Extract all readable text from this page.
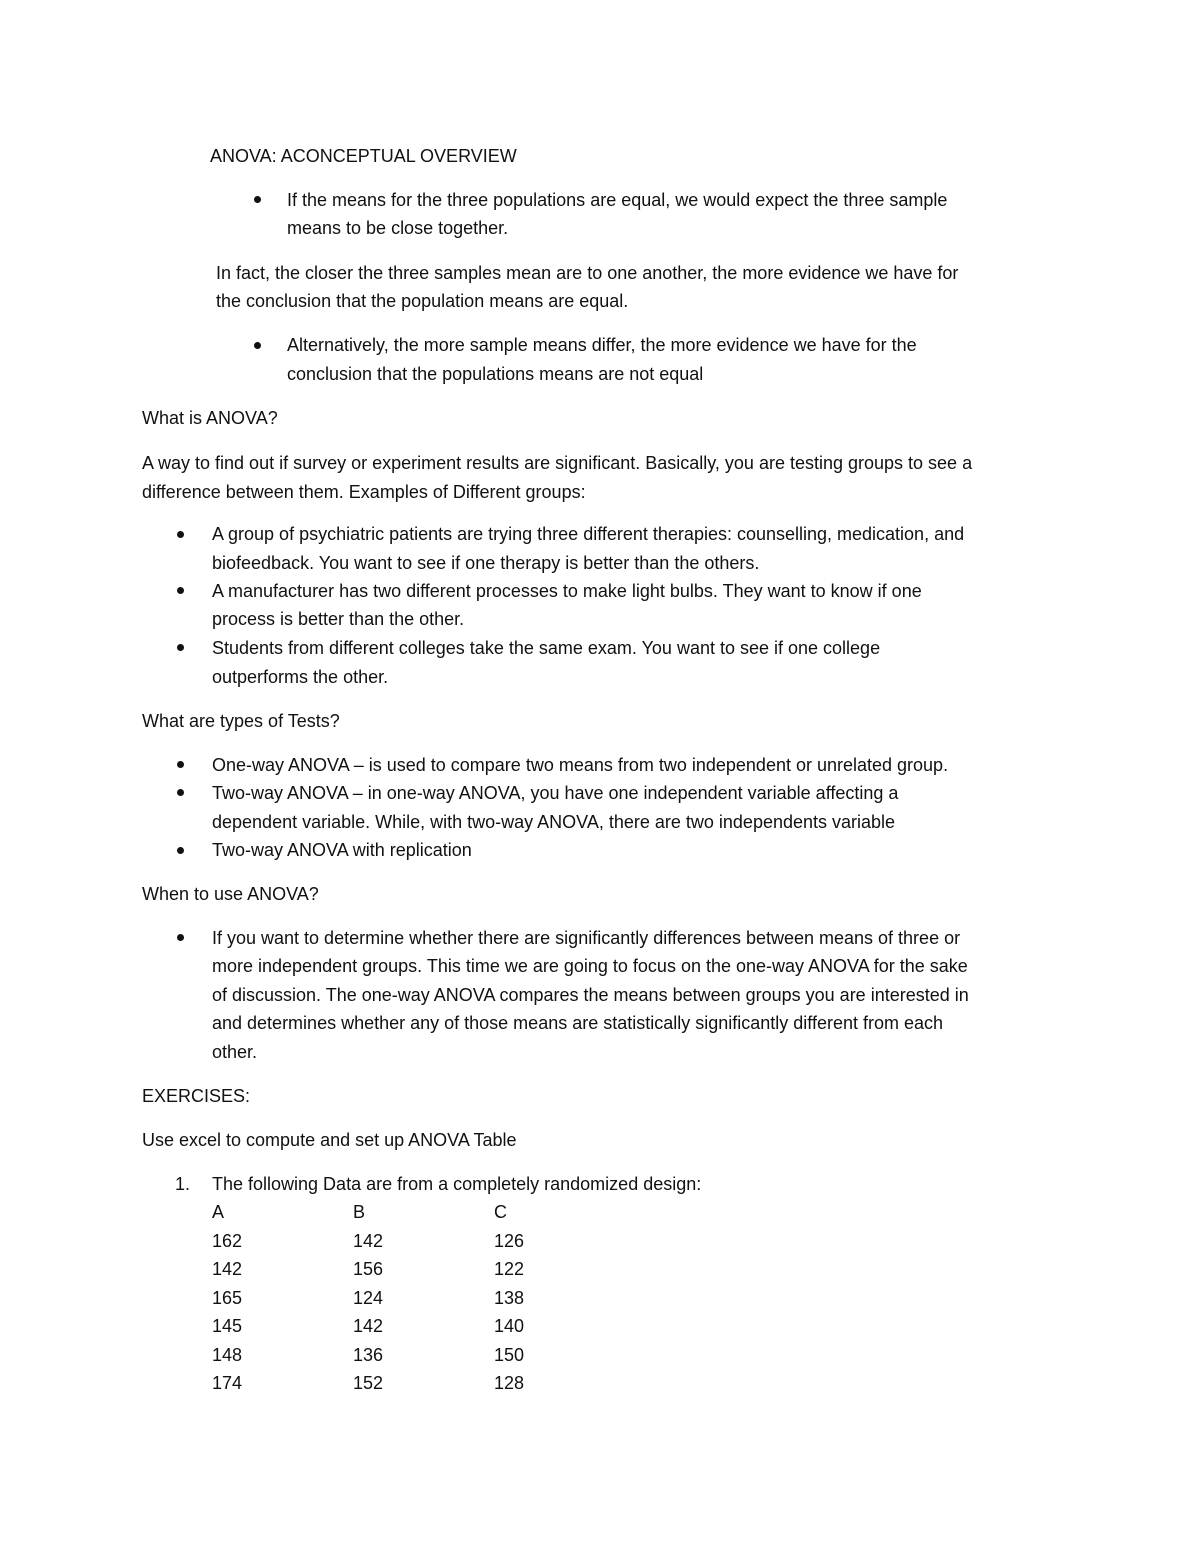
ANOVA: ACONCEPTUAL OVERVIEW
If the means for the three populations are equal, we would expect the three sample
means to be close together.
In fact, the closer the three samples mean are to one another, the more evidence we have for
the conclusion that the population means are equal.
Alternatively, the more sample means differ, the more evidence we have for the
conclusion that the populations means are not equal
What is ANOVA?
A way to find out if survey or experiment results are significant. Basically, you are testing groups to see a
difference between them. Examples of Different groups:
A group of psychiatric patients are trying three different therapies: counselling, medication, and
biofeedback. You want to see if one therapy is better than the others.
A manufacturer has two different processes to make light bulbs. They want to know if one
process is better than the other.
Students from different colleges take the same exam. You want to see if one college
outperforms the other.
What are types of Tests?
One-way ANOVA – is used to compare two means from two independent or unrelated group.
Two-way ANOVA – in one-way ANOVA, you have one independent variable affecting a
dependent variable. While, with two-way ANOVA, there are two independents variable
Two-way ANOVA with replication
When to use ANOVA?
If you want to determine whether there are significantly differences between means of three or
more independent groups. This time we are going to focus on the one-way ANOVA for the sake
of discussion. The one-way ANOVA compares the means between groups you are interested in
and determines whether any of those means are statistically significantly different from each
other.
EXERCISES:
Use excel to compute and set up ANOVA Table
1. The following Data are from a completely randomized design:
A	B	C
162	142	126
142	156	122
165	124	138
145	142	140
148	136	150
174	152	128
